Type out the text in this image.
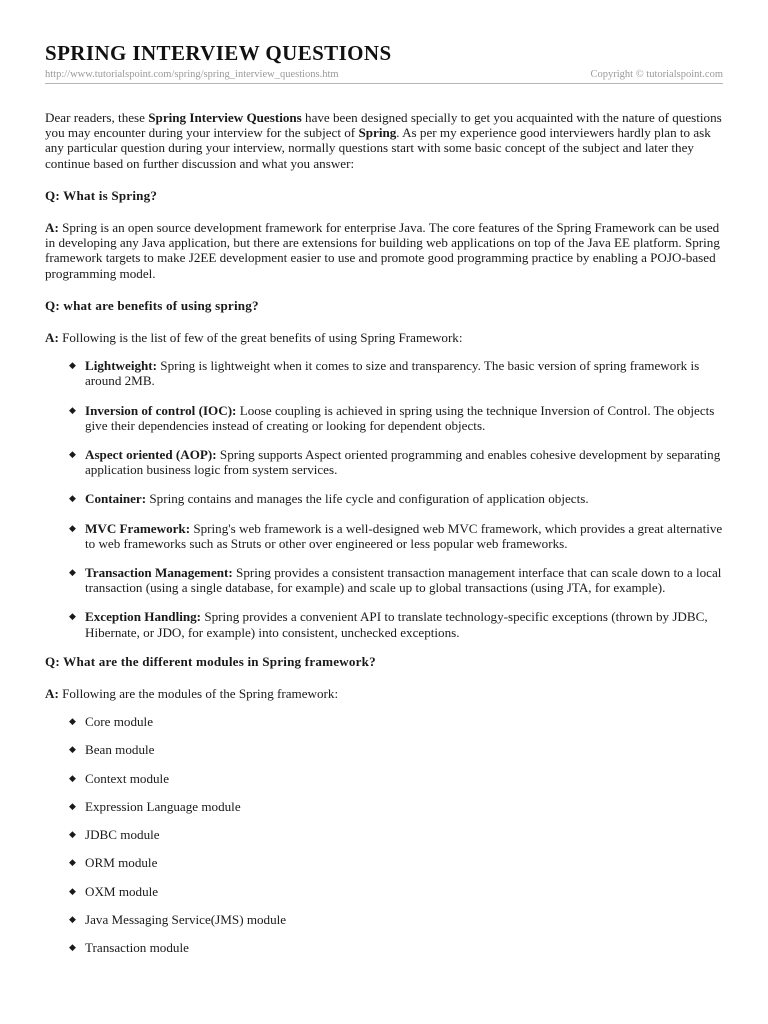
SPRING INTERVIEW QUESTIONS
http://www.tutorialspoint.com/spring/spring_interview_questions.htm	Copyright © tutorialspoint.com

Dear readers, these Spring Interview Questions have been designed specially to get you acquainted with the nature of questions you may encounter during your interview for the subject of Spring. As per my experience good interviewers hardly plan to ask any particular question during your interview, normally questions start with some basic concept of the subject and later they continue based on further discussion and what you answer:

Q: What is Spring?

A: Spring is an open source development framework for enterprise Java. The core features of the Spring Framework can be used in developing any Java application, but there are extensions for building web applications on top of the Java EE platform. Spring framework targets to make J2EE development easier to use and promote good programming practice by enabling a POJO-based programming model.

Q: what are benefits of using spring?

A: Following is the list of few of the great benefits of using Spring Framework:

◆ Lightweight: Spring is lightweight when it comes to size and transparency. The basic version of spring framework is around 2MB.
◆ Inversion of control (IOC): Loose coupling is achieved in spring using the technique Inversion of Control. The objects give their dependencies instead of creating or looking for dependent objects.
◆ Aspect oriented (AOP): Spring supports Aspect oriented programming and enables cohesive development by separating application business logic from system services.
◆ Container: Spring contains and manages the life cycle and configuration of application objects.
◆ MVC Framework: Spring's web framework is a well-designed web MVC framework, which provides a great alternative to web frameworks such as Struts or other over engineered or less popular web frameworks.
◆ Transaction Management: Spring provides a consistent transaction management interface that can scale down to a local transaction (using a single database, for example) and scale up to global transactions (using JTA, for example).
◆ Exception Handling: Spring provides a convenient API to translate technology-specific exceptions (thrown by JDBC, Hibernate, or JDO, for example) into consistent, unchecked exceptions.

Q: What are the different modules in Spring framework?

A: Following are the modules of the Spring framework:

◆ Core module
◆ Bean module
◆ Context module
◆ Expression Language module
◆ JDBC module
◆ ORM module
◆ OXM module
◆ Java Messaging Service(JMS) module
◆ Transaction module
